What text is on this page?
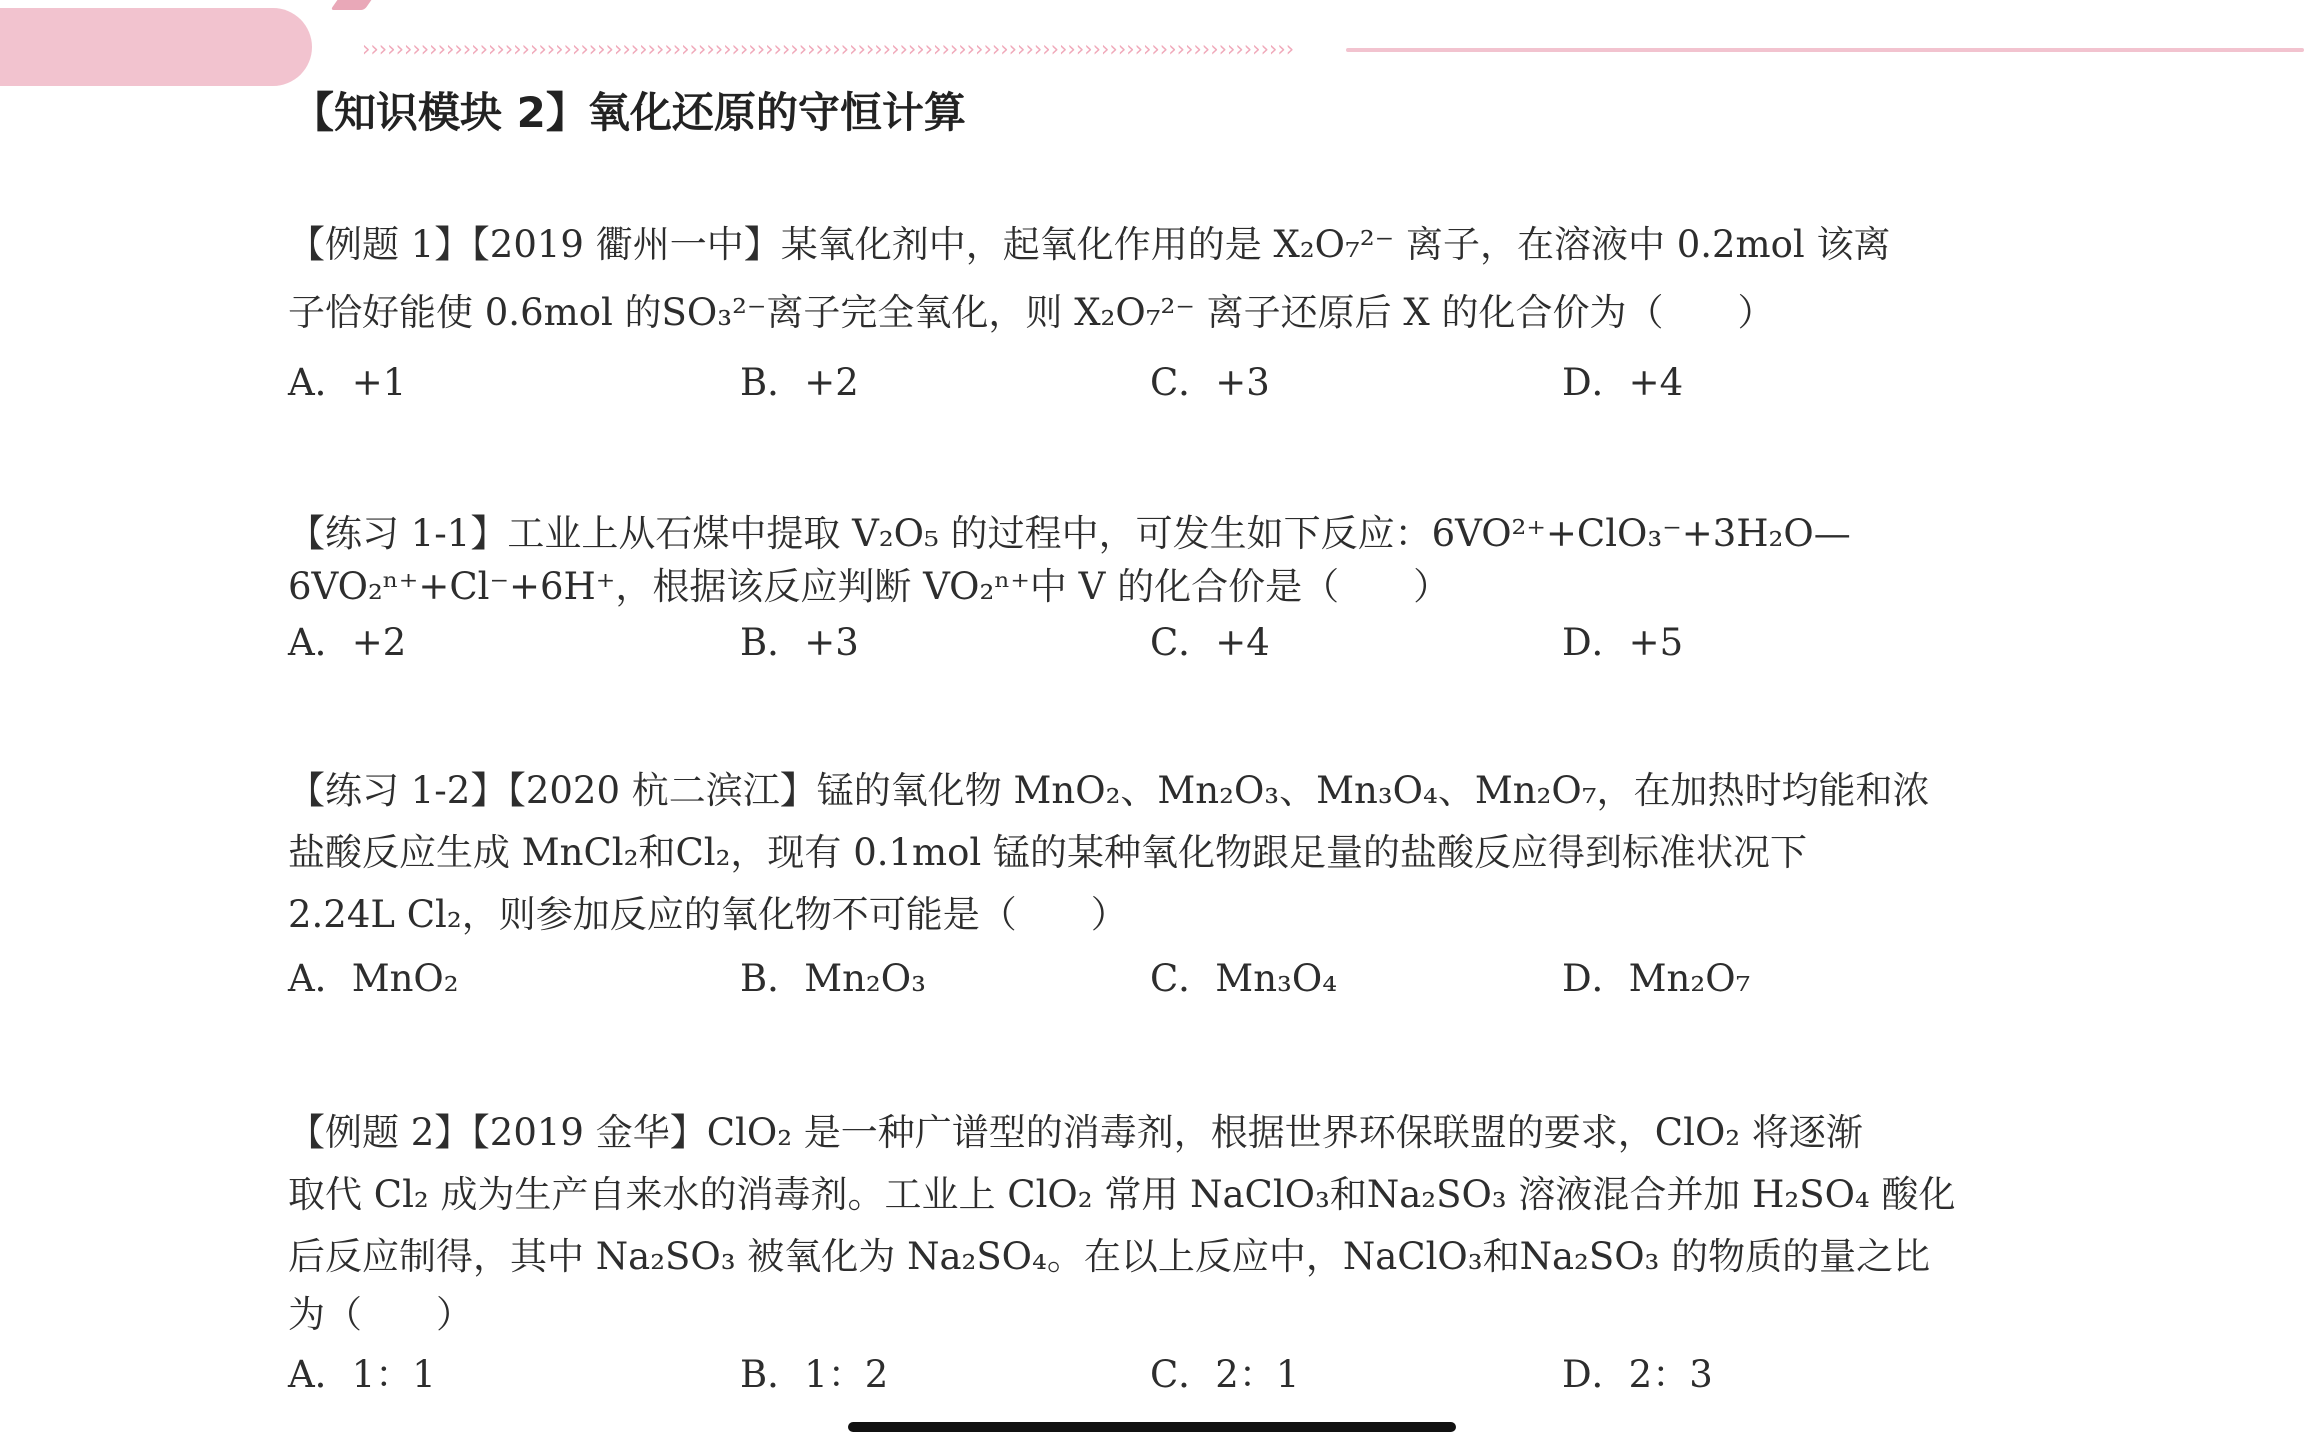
›››››››››››››››››››››››››››››››››››››››››››››››››››››››››››››››››››››››››››››››››››››››››››››››››››››››››››››››
【知识模块 2】氧化还原的守恒计算
【例题 1】【2019 衢州一中】某氧化剂中，起氧化作用的是 X₂O₇²⁻ 离子，在溶液中 0.2mol 该离
子恰好能使 0.6mol 的SO₃²⁻离子完全氧化，则 X₂O₇²⁻ 离子还原后 X 的化合价为（　　）
A．+1	B．+2	C．+3	D．+4
【练习 1-1】工业上从石煤中提取 V₂O₅ 的过程中，可发生如下反应：6VO²⁺+ClO₃⁻+3H₂O—
6VO₂ⁿ⁺+Cl⁻+6H⁺，根据该反应判断 VO₂ⁿ⁺中 V 的化合价是（　　）
A．+2	B．+3	C．+4	D．+5
【练习 1-2】【2020 杭二滨江】锰的氧化物 MnO₂、Mn₂O₃、Mn₃O₄、Mn₂O₇，在加热时均能和浓
盐酸反应生成 MnCl₂和Cl₂，现有 0.1mol 锰的某种氧化物跟足量的盐酸反应得到标准状况下
2.24L Cl₂，则参加反应的氧化物不可能是（　　）
A．MnO₂	B．Mn₂O₃	C．Mn₃O₄	D．Mn₂O₇
【例题 2】【2019 金华】ClO₂ 是一种广谱型的消毒剂，根据世界环保联盟的要求，ClO₂ 将逐渐
取代 Cl₂ 成为生产自来水的消毒剂。工业上 ClO₂ 常用 NaClO₃和Na₂SO₃ 溶液混合并加 H₂SO₄ 酸化
后反应制得，其中 Na₂SO₃ 被氧化为 Na₂SO₄。在以上反应中，NaClO₃和Na₂SO₃ 的物质的量之比
为（　　）
A．1：1	B．1：2	C．2：1	D．2：3
